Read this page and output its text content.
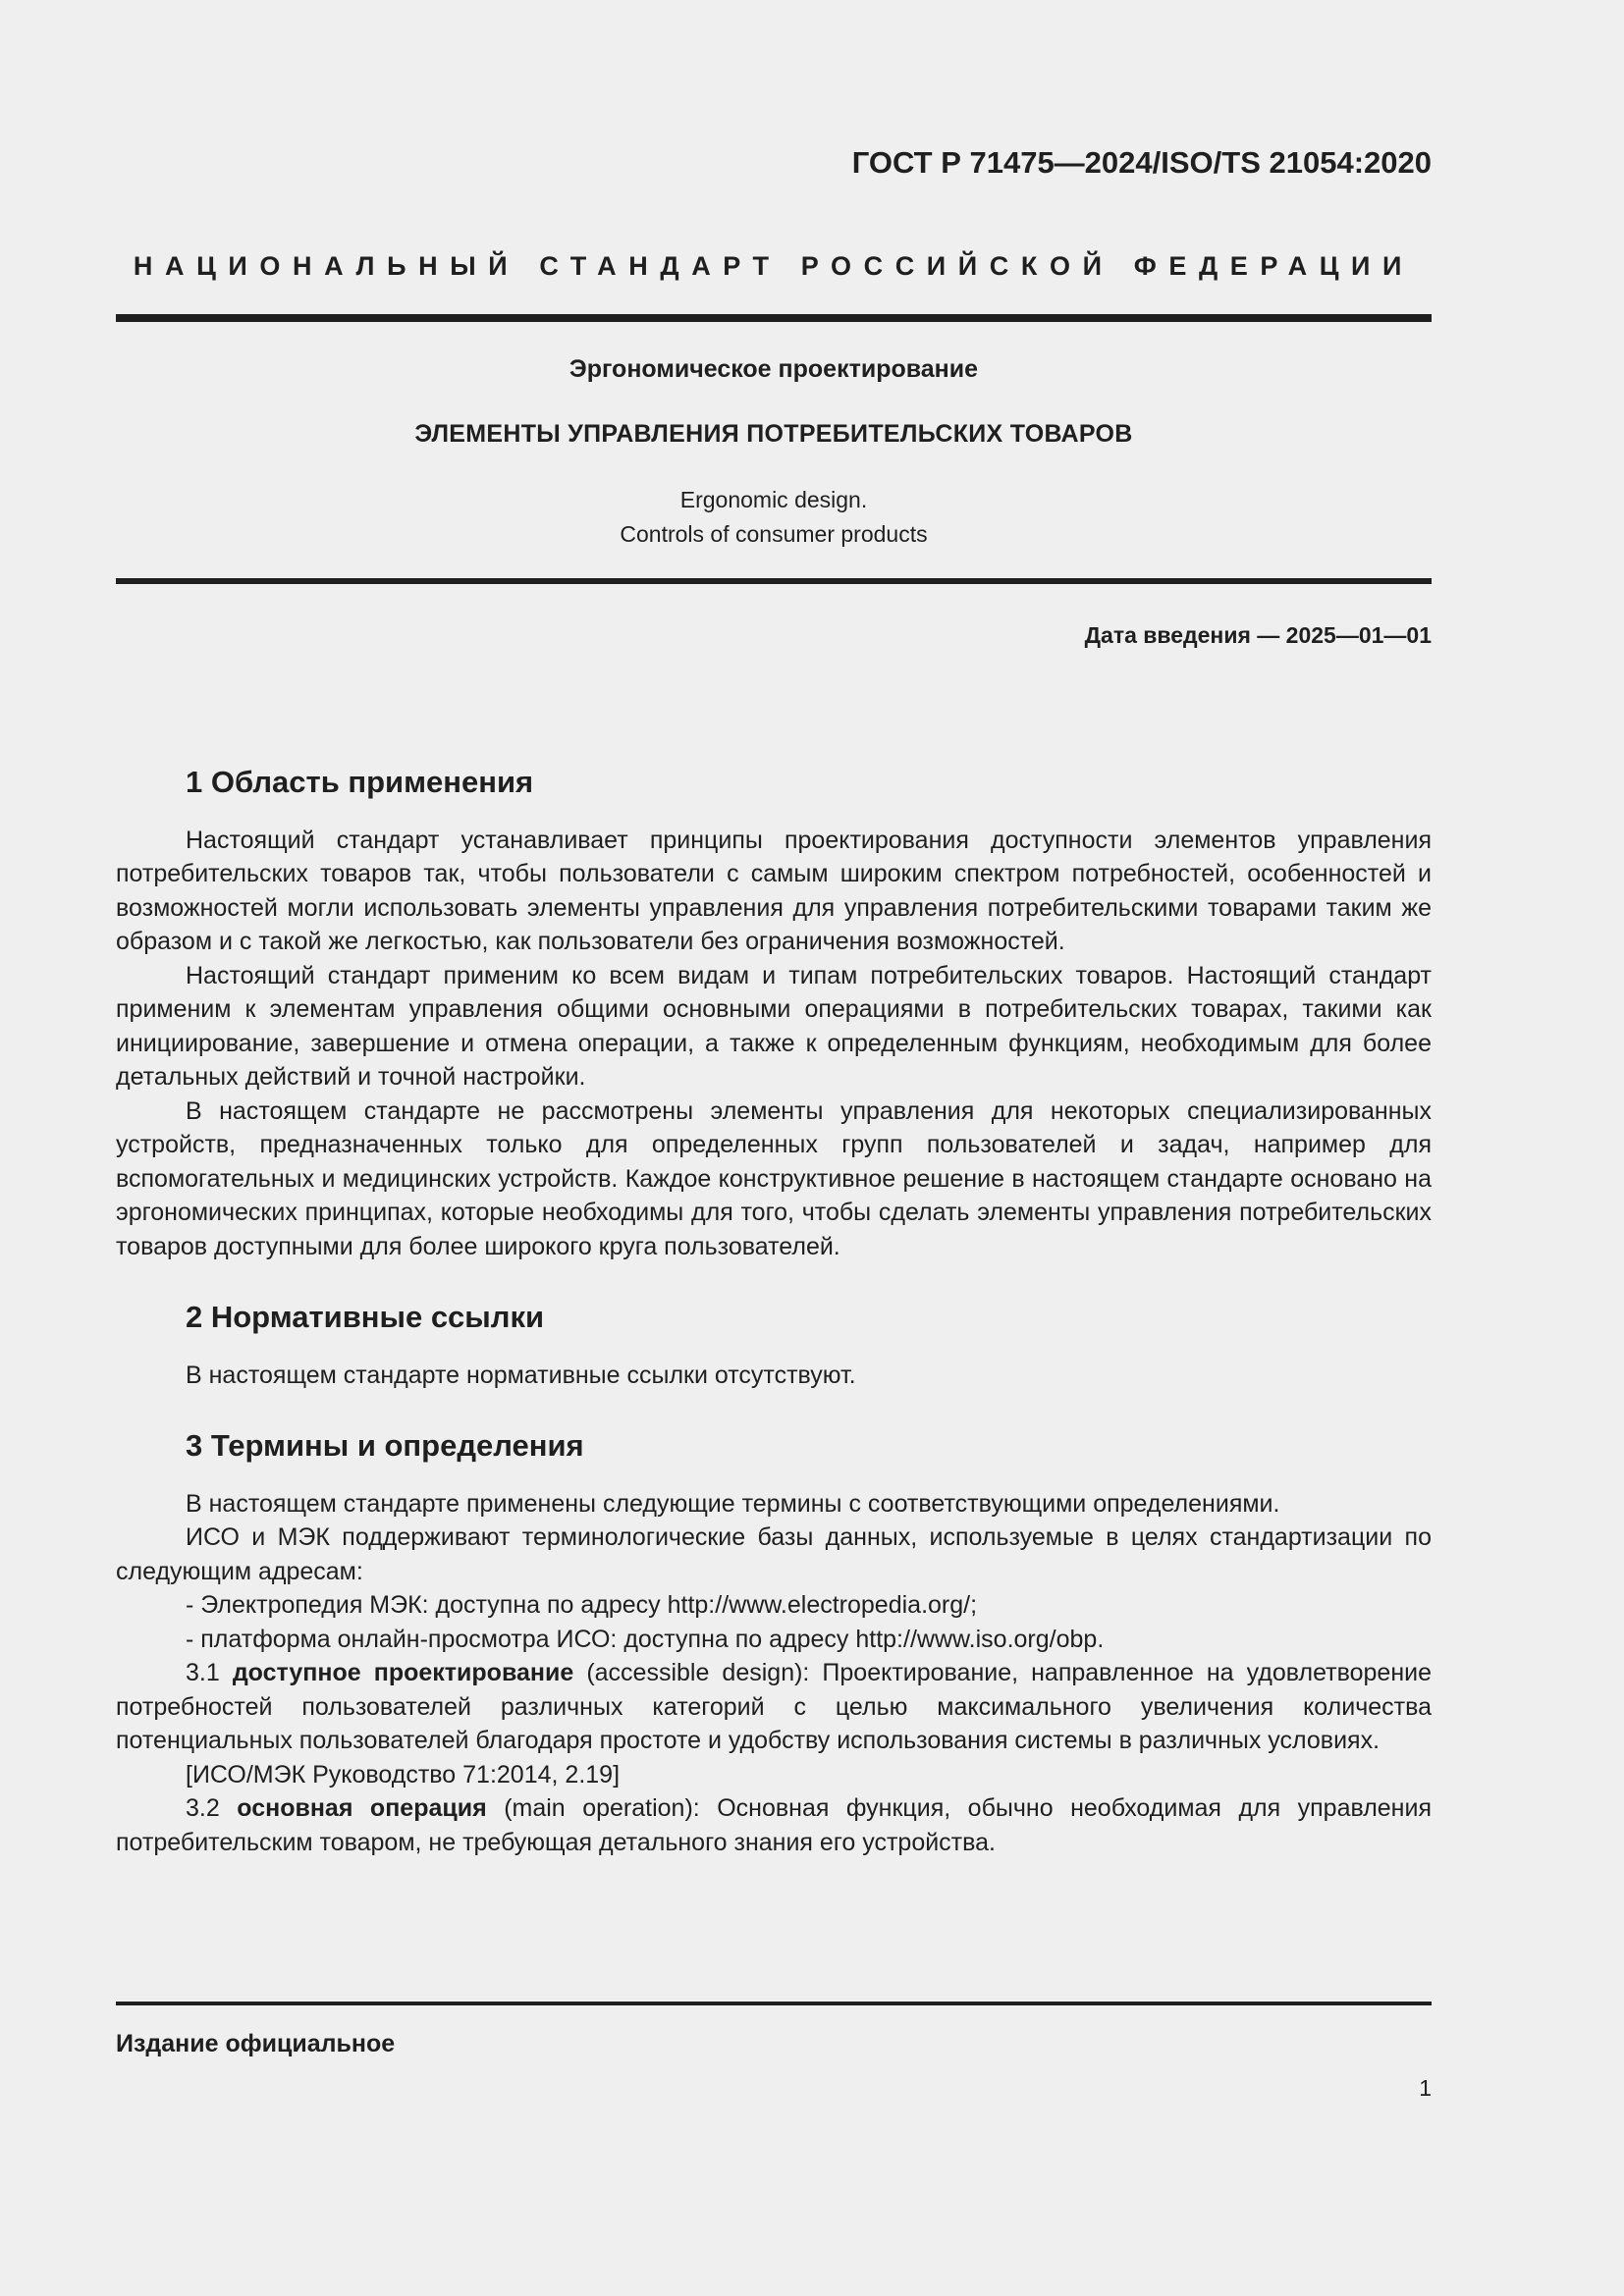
ГОСТ Р 71475—2024/ISO/TS 21054:2020
НАЦИОНАЛЬНЫЙ СТАНДАРТ РОССИЙСКОЙ ФЕДЕРАЦИИ
Эргономическое проектирование
ЭЛЕМЕНТЫ УПРАВЛЕНИЯ ПОТРЕБИТЕЛЬСКИХ ТОВАРОВ
Ergonomic design.
Controls of consumer products
Дата введения — 2025—01—01
1 Область применения

Настоящий стандарт устанавливает принципы проектирования доступности элементов управления потребительских товаров так, чтобы пользователи с самым широким спектром потребностей, особенностей и возможностей могли использовать элементы управления для управления потребительскими товарами таким же образом и с такой же легкостью, как пользователи без ограничения возможностей.

Настоящий стандарт применим ко всем видам и типам потребительских товаров. Настоящий стандарт применим к элементам управления общими основными операциями в потребительских товарах, такими как инициирование, завершение и отмена операции, а также к определенным функциям, необходимым для более детальных действий и точной настройки.

В настоящем стандарте не рассмотрены элементы управления для некоторых специализированных устройств, предназначенных только для определенных групп пользователей и задач, например для вспомогательных и медицинских устройств. Каждое конструктивное решение в настоящем стандарте основано на эргономических принципах, которые необходимы для того, чтобы сделать элементы управления потребительских товаров доступными для более широкого круга пользователей.

2 Нормативные ссылки

В настоящем стандарте нормативные ссылки отсутствуют.

3 Термины и определения

В настоящем стандарте применены следующие термины с соответствующими определениями.

ИСО и МЭК поддерживают терминологические базы данных, используемые в целях стандартизации по следующим адресам:

- Электропедия МЭК: доступна по адресу http://www.electropedia.org/;

- платформа онлайн-просмотра ИСО: доступна по адресу http://www.iso.org/obp.

3.1 доступное проектирование (accessible design): Проектирование, направленное на удовлетворение потребностей пользователей различных категорий с целью максимального увеличения количества потенциальных пользователей благодаря простоте и удобству использования системы в различных условиях.

[ИСО/МЭК Руководство 71:2014, 2.19]

3.2 основная операция (main operation): Основная функция, обычно необходимая для управления потребительским товаром, не требующая детального знания его устройства.

Издание официальное
1
